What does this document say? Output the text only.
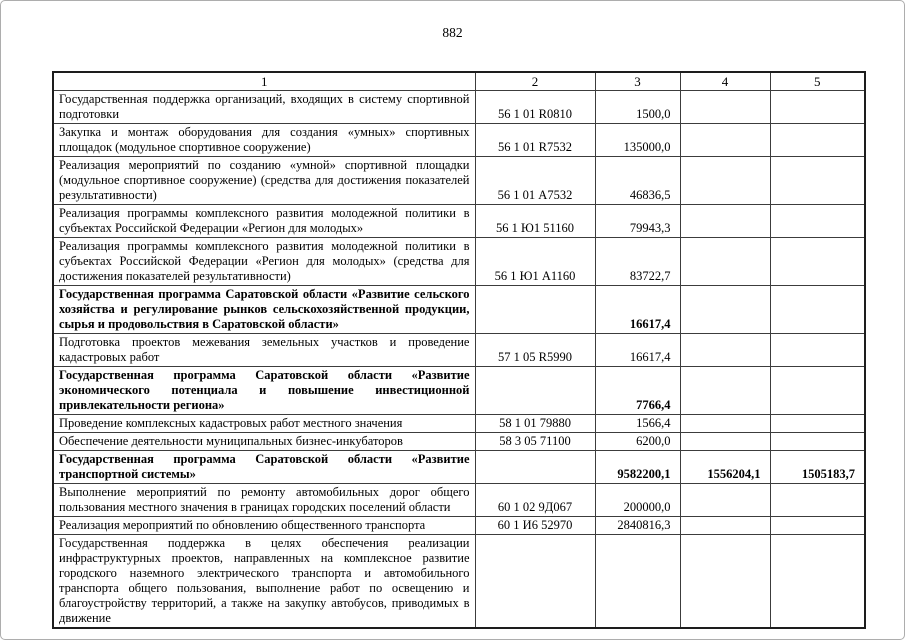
882
1	2	3	4	5
Государственная поддержка организаций, входящих в систему спортивной подготовки	56 1 01 R0810	1500,0		
Закупка и монтаж оборудования для создания «умных» спортивных площадок (модульное спортивное сооружение)	56 1 01 R7532	135000,0		
Реализация мероприятий по созданию «умной» спортивной площадки (модульное спортивное сооружение) (средства для достижения показателей результативности)	56 1 01 А7532	46836,5		
Реализация программы комплексного развития молодежной политики в субъектах Российской Федерации «Регион для молодых»	56 1 Ю1 51160	79943,3		
Реализация программы комплексного развития молодежной политики в субъектах Российской Федерации «Регион для молодых» (средства для достижения показателей результативности)	56 1 Ю1 А1160	83722,7		
Государственная программа Саратовской области «Развитие сельского хозяйства и регулирование рынков сельскохозяйственной продукции, сырья и продовольствия в Саратовской области»		16617,4		
Подготовка проектов межевания земельных участков и проведение кадастровых работ	57 1 05 R5990	16617,4		
Государственная программа Саратовской области «Развитие экономического потенциала и повышение инвестиционной привлекательности региона»		7766,4		
Проведение комплексных кадастровых работ местного значения	58 1 01 79880	1566,4		
Обеспечение деятельности муниципальных бизнес-инкубаторов	58 3 05 71100	6200,0		
Государственная программа Саратовской области «Развитие транспортной системы»		9582200,1	1556204,1	1505183,7
Выполнение мероприятий по ремонту автомобильных дорог общего пользования местного значения в границах городских поселений области	60 1 02 9Д067	200000,0		
Реализация мероприятий по обновлению общественного транспорта	60 1 И6 52970	2840816,3		
Государственная поддержка в целях обеспечения реализации инфраструктурных проектов, направленных на комплексное развитие городского наземного электрического транспорта и автомобильного транспорта общего пользования, выполнение работ по освещению и благоустройству территорий, а также на закупку автобусов, приводимых в движение				
